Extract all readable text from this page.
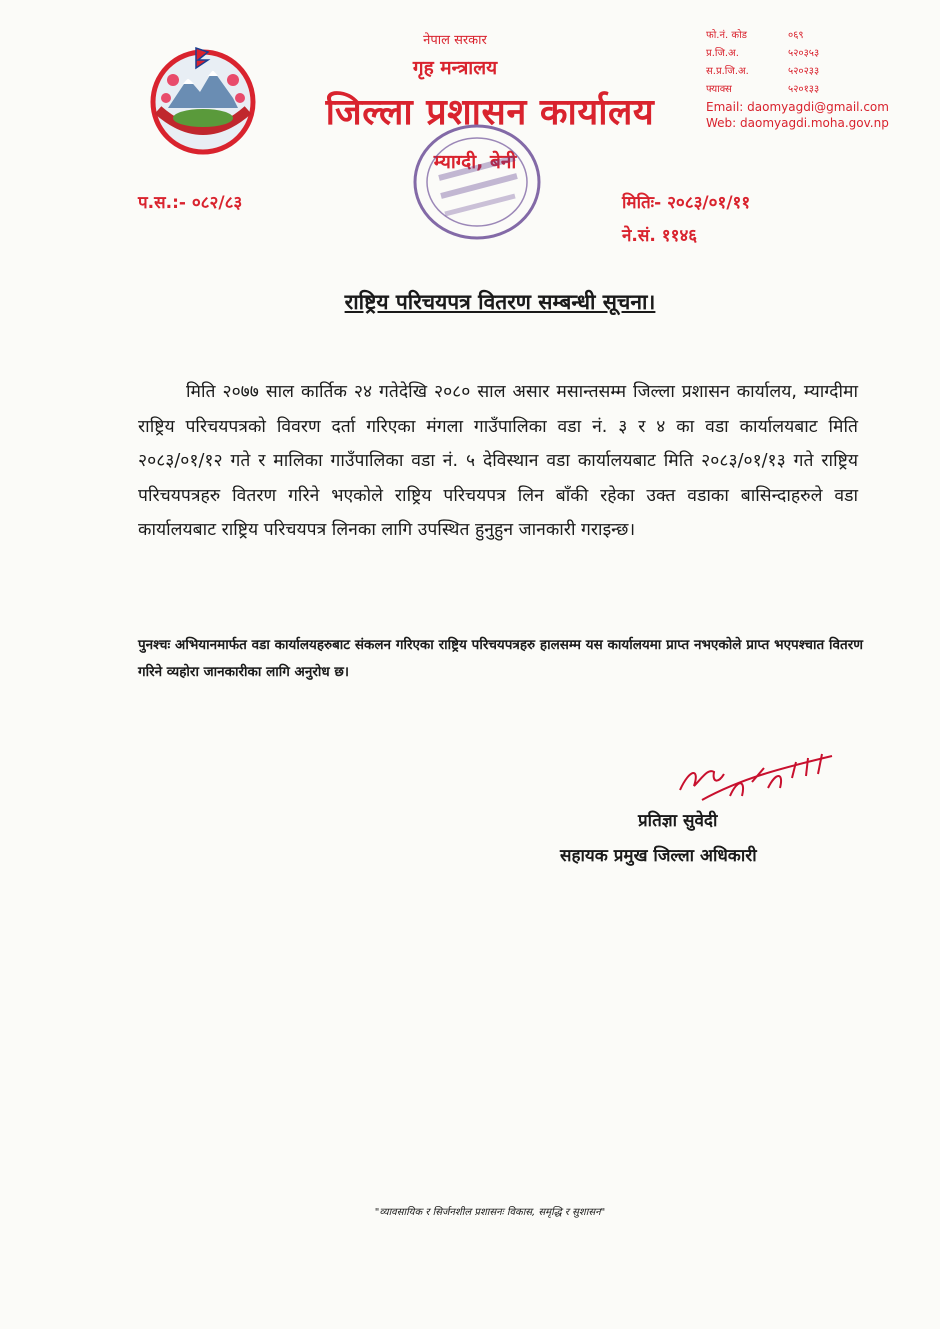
नेपाल सरकार
गृह मन्त्रालय
जिल्ला प्रशासन कार्यालय
म्याग्दी, बेनी
फो.नं. कोड	०६९
प्र.जि.अ.	५२०३५३
स.प्र.जि.अ.	५२०२३३
फ्याक्स	५२०१३३
Email: daomyagdi@gmail.com
Web: daomyagdi.moha.gov.np
प.स.:- ०८२/८३	मितिः- २०८३/०१/११
ने.सं. ११४६
राष्ट्रिय परिचयपत्र वितरण सम्बन्धी सूचना।
मिति २०७७ साल कार्तिक २४ गतेदेखि २०८० साल असार मसान्तसम्म जिल्ला प्रशासन कार्यालय, म्याग्दीमा राष्ट्रिय परिचयपत्रको विवरण दर्ता गरिएका मंगला गाउँपालिका वडा नं. ३ र ४ का वडा कार्यालयबाट मिति २०८३/०१/१२ गते र मालिका गाउँपालिका वडा नं. ५ देविस्थान वडा कार्यालयबाट मिति २०८३/०१/१३ गते राष्ट्रिय परिचयपत्रहरु वितरण गरिने भएकोले राष्ट्रिय परिचयपत्र लिन बाँकी रहेका उक्त वडाका बासिन्दाहरुले वडा कार्यालयबाट राष्ट्रिय परिचयपत्र लिनका लागि उपस्थित हुनुहुन जानकारी गराइन्छ।
पुनश्चः अभियानमार्फत वडा कार्यालयहरुबाट संकलन गरिएका राष्ट्रिय परिचयपत्रहरु हालसम्म यस कार्यालयमा प्राप्त नभएकोले प्राप्त भएपश्चात वितरण गरिने व्यहोरा जानकारीका लागि अनुरोध छ।
प्रतिज्ञा सुवेदी
सहायक प्रमुख जिल्ला अधिकारी
"व्यावसायिक र सिर्जनशील प्रशासनः विकास, समृद्धि र सुशासन"
